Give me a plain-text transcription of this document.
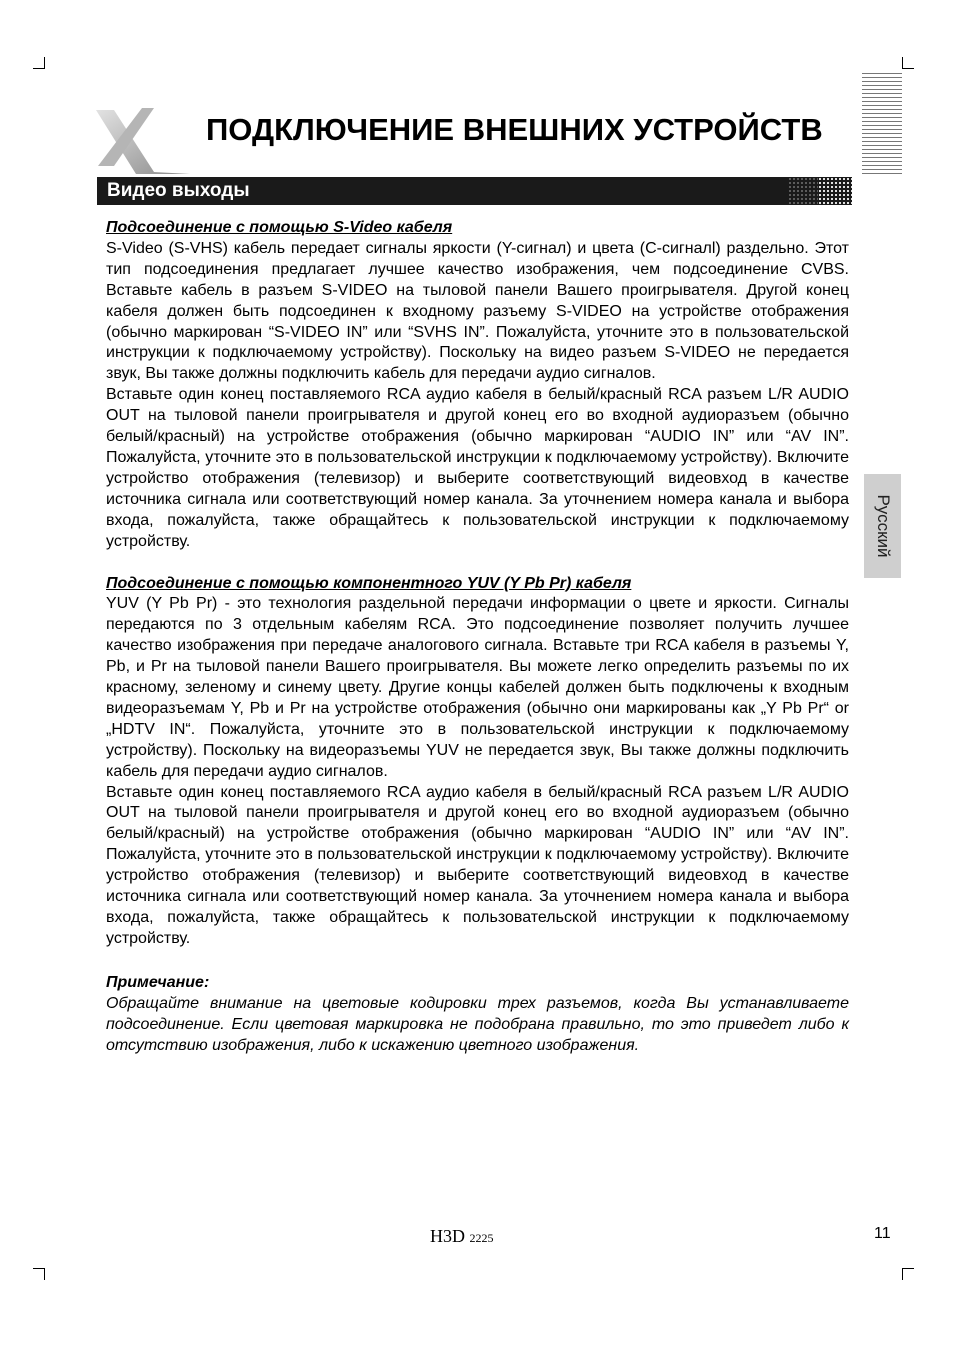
ПОДКЛЮЧЕНИЕ ВНЕШНИХ УСТРОЙСТВ
Видео выходы

Подсоединение с помощью S-Video кабеля

S-Video (S-VHS) кабель передает сигналы яркости (Y-сигнал) и цвета (C-сигналl) раздельно. Этот тип подсоединения предлагает лучшее качество изображения, чем подсоединение CVBS. Вставьте кабель в разъем S-VIDEO на тыловой панели Вашего проигрывателя. Другой конец кабеля должен быть подсоединен к входному разъему S-VIDEO на устройстве отображения (обычно маркирован “S-VIDEO IN” или “SVHS IN”. Пожалуйста, уточните это в пользовательской инструкции к подключаемому устройству). Поскольку на видео разъем S-VIDEO не передается звук, Вы также должны подключить кабель для передачи аудио сигналов.

Вставьте один конец поставляемого RCA аудио кабеля в белый/красный RCA разъем L/R AUDIO OUT на тыловой панели проигрывателя и другой конец его во входной аудиоразъем (обычно белый/красный) на устройстве отображения (обычно маркирован “AUDIO IN” или “AV IN”. Пожалуйста, уточните это в пользовательской инструкции к подключаемому устройству). Включите устройство отображения (телевизор) и выберите соответствующий видеовход в качестве источника сигнала или соответствующий номер канала. За уточнением номера канала и выбора входа, пожалуйста, также обращайтесь к пользовательской инструкции к подключаемому устройству.

Подсоединение с помощью компонентного YUV (Y Pb Pr) кабеля

YUV (Y Pb Pr) - это технология раздельной передачи информации о цвете и яркости. Сигналы передаются по 3 отдельным кабелям RCA. Это подсоединение позволяет получить лучшее качество изображения при передаче аналогового сигнала. Вставьте три RCA кабеля в разъемы Y, Pb, и Pr на тыловой панели Вашего проигрывателя. Вы можете легко определить разъемы по их красному, зеленому и синему цвету. Другие концы кабелей должен быть подключены к входным видеоразъемам Y, Pb и Pr на устройстве отображения (обычно они маркированы как „Y Pb Pr“ or „HDTV IN“. Пожалуйста, уточните это в пользовательской инструкции к подключаемому устройству). Поскольку на видеоразъемы YUV не передается звук, Вы также должны подключить кабель для передачи аудио сигналов.

Вставьте один конец поставляемого RCA аудио кабеля в белый/красный RCA разъем L/R AUDIO OUT на тыловой панели проигрывателя и другой конец его во входной аудиоразъем (обычно белый/красный) на устройстве отображения (обычно маркирован “AUDIO IN” или “AV IN”. Пожалуйста, уточните это в пользовательской инструкции к подключаемому устройству). Включите устройство отображения (телевизор) и выберите соответствующий видеовход в качестве источника сигнала или соответствующий номер канала. За уточнением номера канала и выбора входа, пожалуйста, также обращайтесь к пользовательской инструкции к подключаемому устройству.

Примечание:

Обращайте внимание на цветовые кодировки трех разъемов, когда Вы устанавливаете подсоединение. Если цветовая маркировка не подобрана правильно, то это приведет либо к отсутствию изображения, либо к искажению цветного изображения.

Русский
H3D 2225	11
